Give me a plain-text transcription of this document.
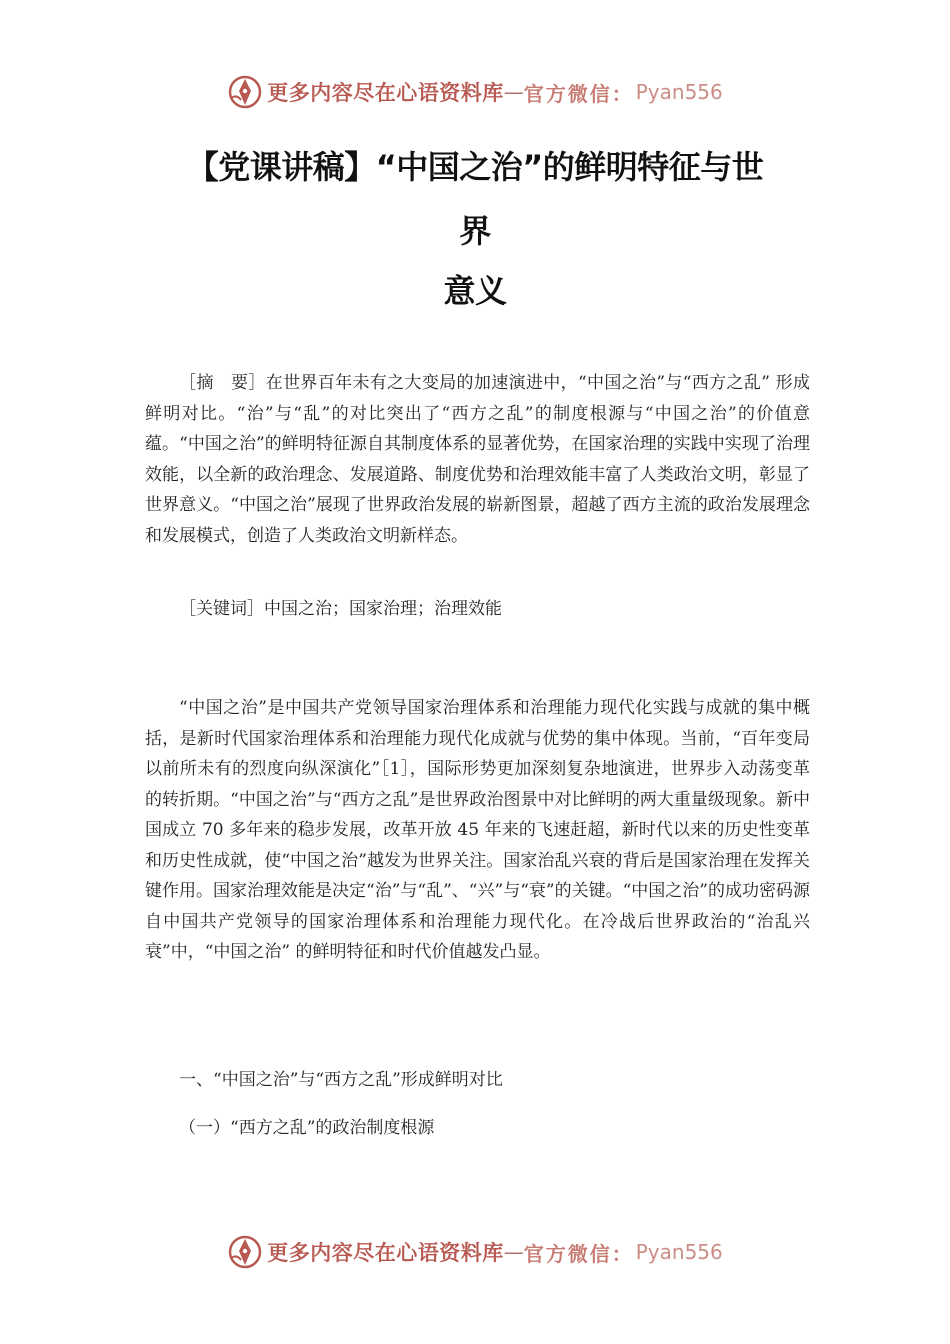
更多内容尽在心语资料库 — 官方微信： Pyan556
【党课讲稿】“中国之治”的鲜明特征与世
界
意义

［摘　要］在世界百年未有之大变局的加速演进中，“中国之治”与“西方之乱” 形成鲜明对比。“治”与“乱”的对比突出了“西方之乱”的制度根源与“中国之治”的价值意蕴。“中国之治”的鲜明特征源自其制度体系的显著优势，在国家治理的实践中实现了治理效能，以全新的政治理念、发展道路、制度优势和治理效能丰富了人类政治文明，彰显了世界意义。“中国之治”展现了世界政治发展的崭新图景，超越了西方主流的政治发展理念和发展模式，创造了人类政治文明新样态。

［关键词］中国之治；国家治理；治理效能

“中国之治”是中国共产党领导国家治理体系和治理能力现代化实践与成就的集中概括，是新时代国家治理体系和治理能力现代化成就与优势的集中体现。当前，“百年变局以前所未有的烈度向纵深演化”［1］，国际形势更加深刻复杂地演进，世界步入动荡变革的转折期。“中国之治”与“西方之乱”是世界政治图景中对比鲜明的两大重量级现象。新中国成立 70 多年来的稳步发展，改革开放 45 年来的飞速赶超，新时代以来的历史性变革和历史性成就，使“中国之治”越发为世界关注。国家治乱兴衰的背后是国家治理在发挥关键作用。国家治理效能是决定“治”与“乱”、“兴”与“衰”的关键。“中国之治”的成功密码源自中国共产党领导的国家治理体系和治理能力现代化。在冷战后世界政治的“治乱兴衰”中，“中国之治” 的鲜明特征和时代价值越发凸显。

一、“中国之治”与“西方之乱”形成鲜明对比

（一）“西方之乱”的政治制度根源

更多内容尽在心语资料库 — 官方微信： Pyan556
